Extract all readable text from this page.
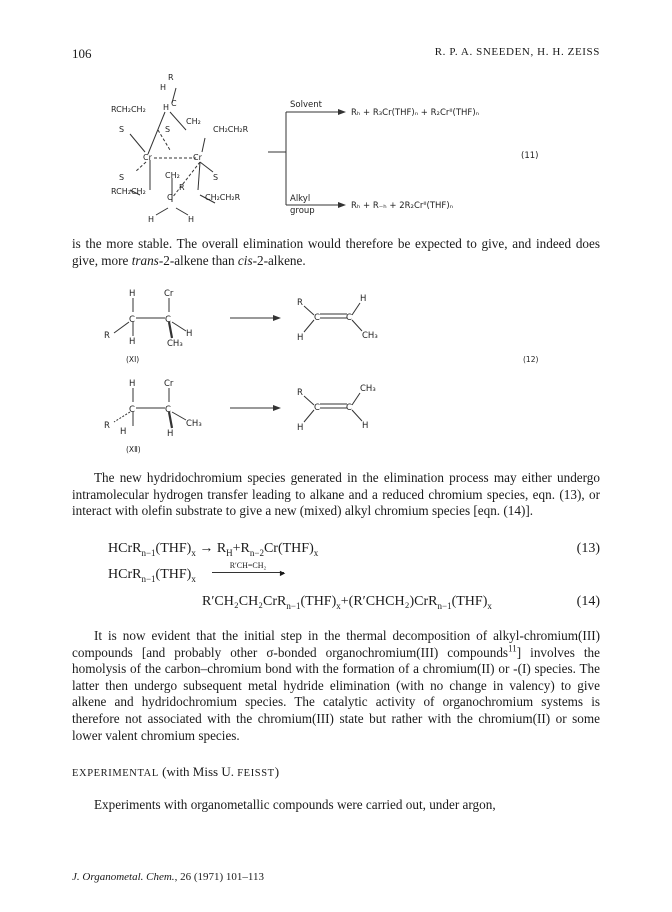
106	R. P. A. SNEEDEN, H. H. ZEISS
R
H
RCH₂CH₂ H C
CH₂
CH₂CH₂R
S	S
Cr	Cr
S	S
CH₂
RCH₂CH₂
C
R
CH₂CH₂R
H	H
Solvent
Rₕ + R₃Cr(THF)ₙ + R₂Crᴵᴵ(THF)ₙ
Alkyl
group	Rₕ + R₋ₕ + 2R₂Crᴵᴵ(THF)ₙ
(11)
H	Cr
C	C
R
H
H
CH₃
(ⅩⅠ)
R	H
C	C
H	CH₃
(12)
H	Cr
C	C
R
H
CH₃
H
(ⅩⅡ)
R	CH₃
C	C
H	H

is the more stable. The overall elimination would therefore be expected to give, and indeed does give, more trans-2-alkene than cis-2-alkene.

The new hydridochromium species generated in the elimination process may either undergo intramolecular hydrogen transfer leading to alkane and a reduced chromium species, eqn. (13), or interact with olefin substrate to give a new (mixed) alkyl chromium species [eqn. (14)].

$HCrR_{n-1}(THF)_x \to R_H+R_{n-2}Cr(THF)_x$	(13)
$HCrR_{n-1}(THF)_x$
R′CH=CH₂
►
$R'CH_2CH_2CrR_{n-1}(THF)_x+(R'CHCH_2)CrR_{n-1}(THF)_x$	(14)

It is now evident that the initial step in the thermal decomposition of alkyl-chromium(III) compounds [and probably other σ-bonded organochromium(III) compounds$^{11}$] involves the homolysis of the carbon–chromium bond with the formation of a chromium(II) or -(I) species. The latter then undergo subsequent metal hydride elimination (with no change in valency) to give alkene and hydridochromium species. The catalytic activity of organochromium systems is therefore not associated with the chromium(III) state but rather with the chromium(II) or some lower valent chromium species.

EXPERIMENTAL (with Miss U. FEISST)

Experiments with organometallic compounds were carried out, under argon,

J. Organometal. Chem., 26 (1971) 101–113
